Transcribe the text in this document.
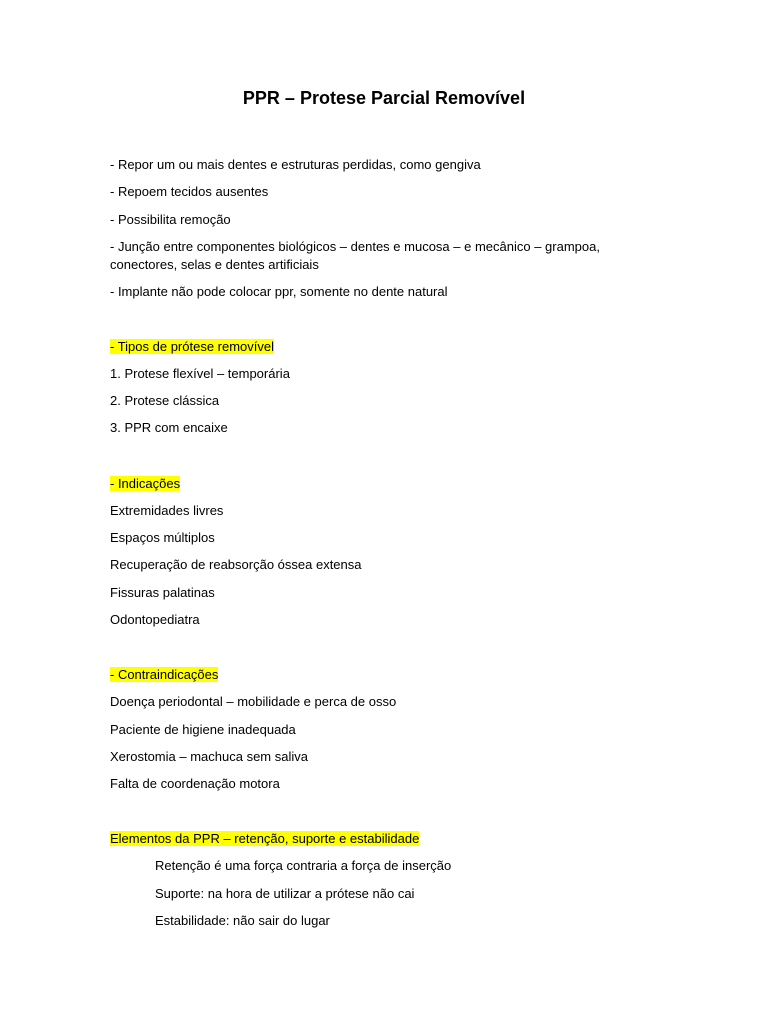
PPR – Protese Parcial Removível

- Repor um ou mais dentes e estruturas perdidas, como gengiva

- Repoem tecidos ausentes

- Possibilita remoção

- Junção entre componentes biológicos – dentes e mucosa – e mecânico – grampoa, conectores, selas e dentes artificiais

- Implante não pode colocar ppr, somente no dente natural

- Tipos de prótese removível

1. Protese flexível – temporária

2. Protese clássica

3. PPR com encaixe

- Indicações

Extremidades livres

Espaços múltiplos

Recuperação de reabsorção óssea extensa

Fissuras palatinas

Odontopediatra

- Contraindicações

Doença periodontal – mobilidade e perca de osso

Paciente de higiene inadequada

Xerostomia – machuca sem saliva

Falta de coordenação motora

Elementos da PPR – retenção, suporte e estabilidade

Retenção é uma força contraria a força de inserção

Suporte: na hora de utilizar a prótese não cai

Estabilidade: não sair do lugar
